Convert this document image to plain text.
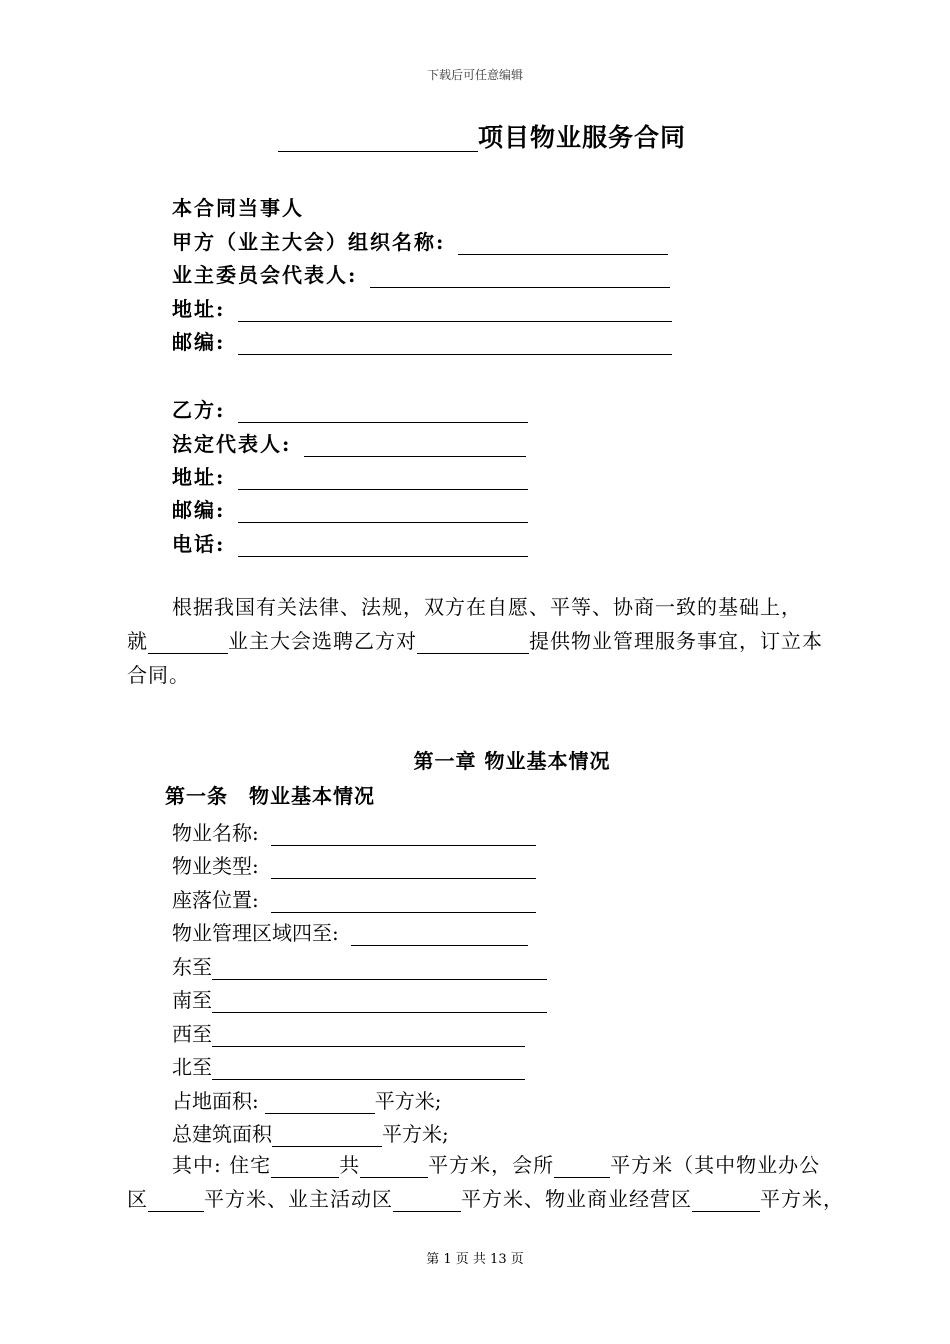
下载后可任意编辑
项目物业服务合同
本合同当事人
甲方（业主大会）组织名称:
业主委员会代表人:
地址:
邮编:
乙方:
法定代表人:
地址:
邮编:
电话:
根据我国有关法律、法规，双方在自愿、平等、协商一致的基础上，
就	业主大会选聘乙方对	提供物业管理服务事宜，订立本
合同。
第一章 物业基本情况
第一条　物业基本情况
物业名称:
物业类型:
座落位置:
物业管理区域四至:
东至
南至
西至
北至
占地面积:	平方米;
总建筑面积	平方米;
其中: 住宅	共	平方米，会所	平方米（其中物业办公
区	平方米、业主活动区	平方米、物业商业经营区	平方米，
第 1 页 共 13 页
